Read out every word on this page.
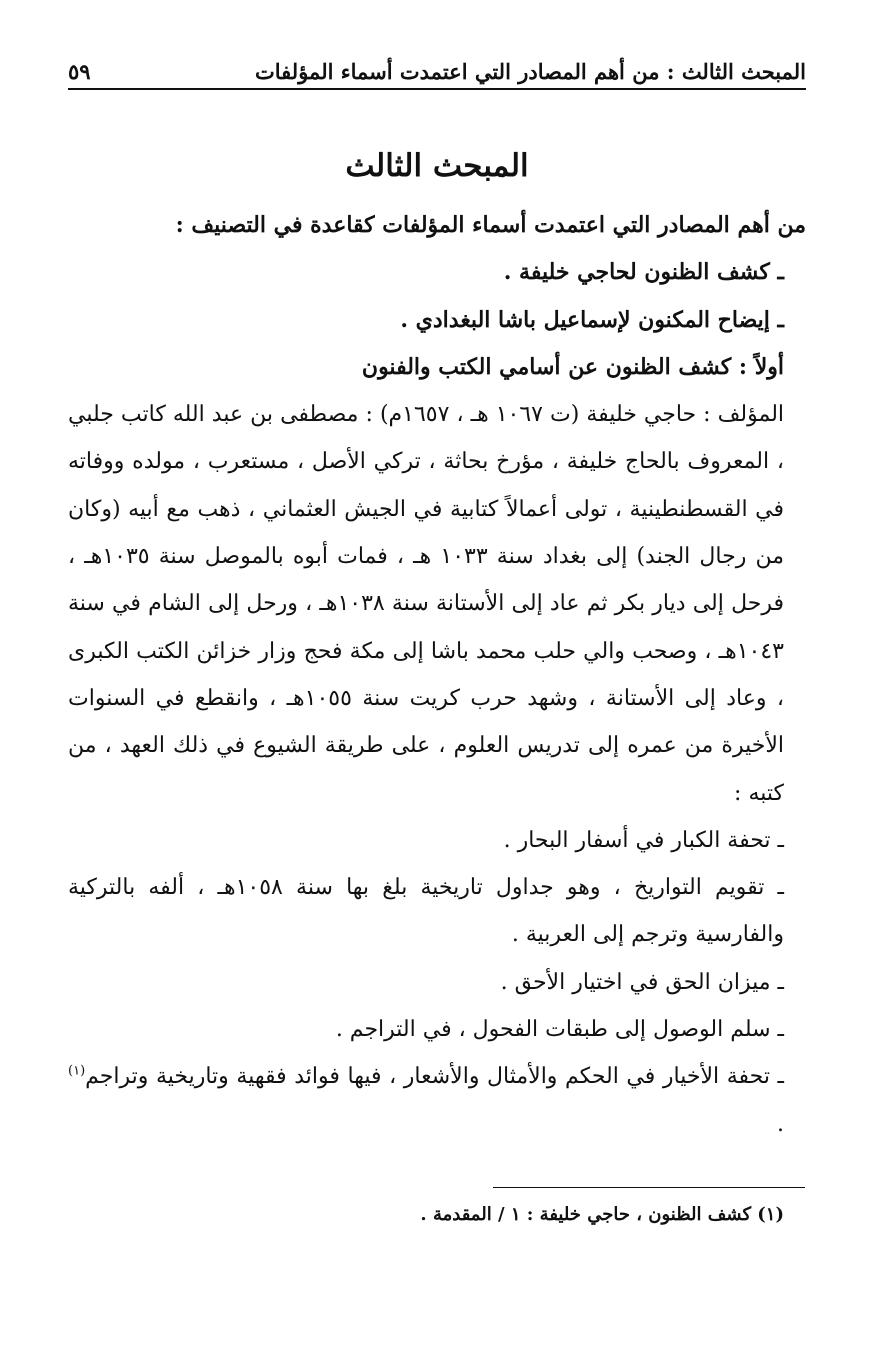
المبحث الثالث : من أهم المصادر التي اعتمدت أسماء المؤلفات
٥٩
المبحث الثالث

من أهم المصادر التي اعتمدت أسماء المؤلفات كقاعدة في التصنيف :

ـ كشف الظنون لحاجي خليفة .

ـ إيضاح المكنون لإسماعيل باشا البغدادي .

أولاً : كشف الظنون عن أسامي الكتب والفنون

المؤلف : حاجي خليفة (ت ١٠٦٧ هـ ، ١٦٥٧م) : مصطفى بن عبد الله كاتب جلبي ، المعروف بالحاج خليفة ، مؤرخ بحاثة ، تركي الأصل ، مستعرب ، مولده ووفاته في القسطنطينية ، تولى أعمالاً كتابية في الجيش العثماني ، ذهب مع أبيه (وكان من رجال الجند) إلى بغداد سنة ١٠٣٣ هـ ، فمات أبوه بالموصل سنة ١٠٣٥هـ ، فرحل إلى ديار بكر ثم عاد إلى الأستانة سنة ١٠٣٨هـ ، ورحل إلى الشام في سنة ١٠٤٣هـ ، وصحب والي حلب محمد باشا إلى مكة فحج وزار خزائن الكتب الكبرى ، وعاد إلى الأستانة ، وشهد حرب كريت سنة ١٠٥٥هـ ، وانقطع في السنوات الأخيرة من عمره إلى تدريس العلوم ، على طريقة الشيوع في ذلك العهد ، من كتبه :

ـ تحفة الكبار في أسفار البحار .

ـ تقويم التواريخ ، وهو جداول تاريخية بلغ بها سنة ١٠٥٨هـ ، ألفه بالتركية والفارسية وترجم إلى العربية .

ـ ميزان الحق في اختيار الأحق .

ـ سلم الوصول إلى طبقات الفحول ، في التراجم .

ـ تحفة الأخيار في الحكم والأمثال والأشعار ، فيها فوائد فقهية وتاريخية وتراجم$^{(١)}$ .

(١) كشف الظنون ، حاجي خليفة : ١ / المقدمة .
